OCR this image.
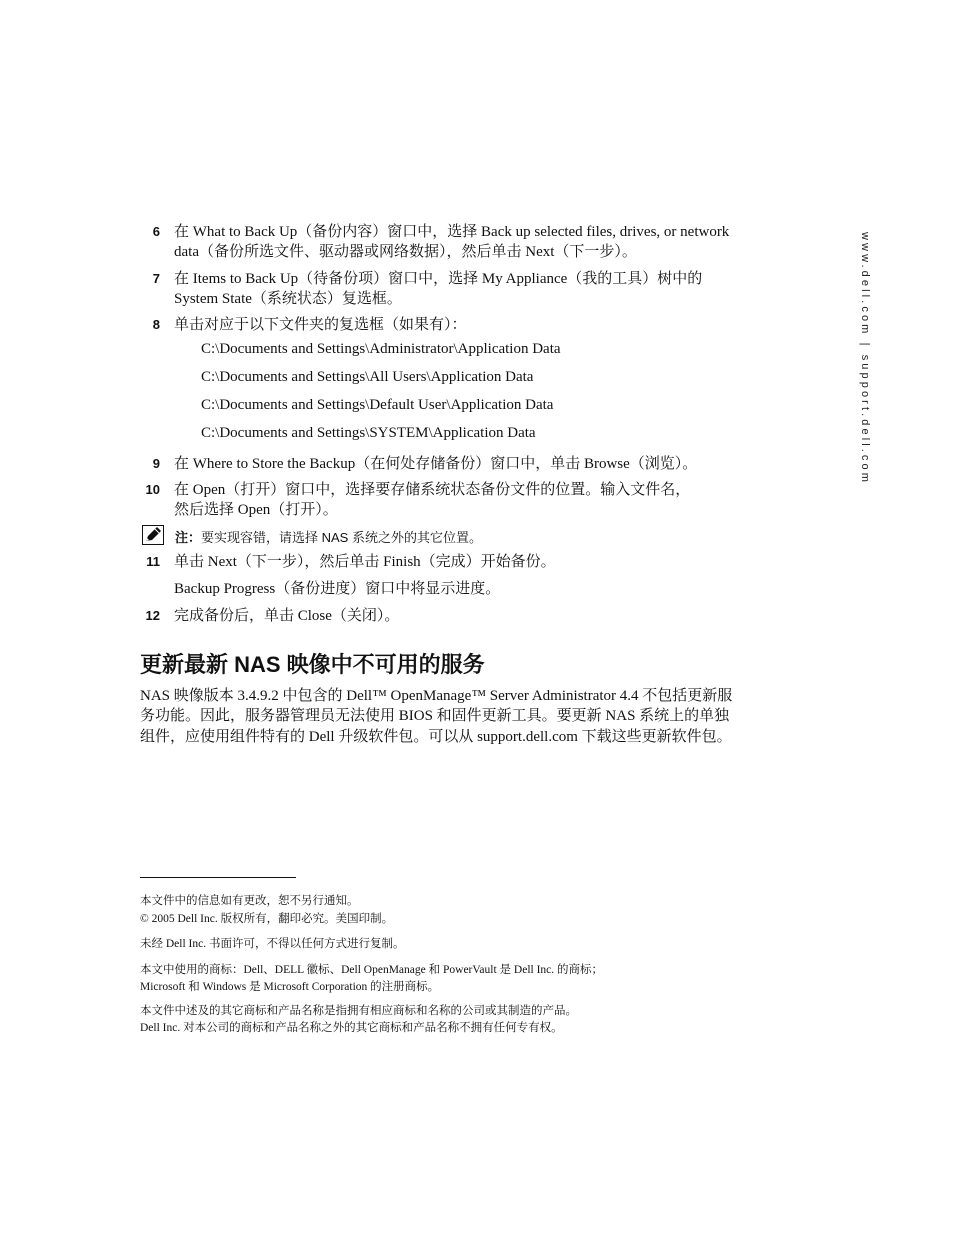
www.dell.com | support.dell.com
6 在 What to Back Up（备份内容）窗口中，选择 Back up selected files, drives, or network
data（备份所选文件、驱动器或网络数据），然后单击 Next（下一步）。
7 在 Items to Back Up（待备份项）窗口中，选择 My Appliance（我的工具）树中的
System State（系统状态）复选框。
8 单击对应于以下文件夹的复选框（如果有）：
C:\Documents and Settings\Administrator\Application Data
C:\Documents and Settings\All Users\Application Data
C:\Documents and Settings\Default User\Application Data
C:\Documents and Settings\SYSTEM\Application Data
9 在 Where to Store the Backup（在何处存储备份）窗口中，单击 Browse（浏览）。
10 在 Open（打开）窗口中，选择要存储系统状态备份文件的位置。输入文件名，
然后选择 Open（打开）。
注：要实现容错，请选择 NAS 系统之外的其它位置。
11 单击 Next（下一步），然后单击 Finish（完成）开始备份。
Backup Progress（备份进度）窗口中将显示进度。
12 完成备份后，单击 Close（关闭）。
更新最新 NAS 映像中不可用的服务
NAS 映像版本 3.4.9.2 中包含的 Dell™ OpenManage™ Server Administrator 4.4 不包括更新服
务功能。因此，服务器管理员无法使用 BIOS 和固件更新工具。要更新 NAS 系统上的单独
组件，应使用组件特有的 Dell 升级软件包。可以从 support.dell.com 下载这些更新软件包。
本文件中的信息如有更改，恕不另行通知。
© 2005 Dell Inc. 版权所有，翻印必究。美国印制。
未经 Dell Inc. 书面许可，不得以任何方式进行复制。
本文中使用的商标：Dell、DELL 徽标、Dell OpenManage 和 PowerVault 是 Dell Inc. 的商标；
Microsoft 和 Windows 是 Microsoft Corporation 的注册商标。
本文件中述及的其它商标和产品名称是指拥有相应商标和名称的公司或其制造的产品。
Dell Inc. 对本公司的商标和产品名称之外的其它商标和产品名称不拥有任何专有权。
